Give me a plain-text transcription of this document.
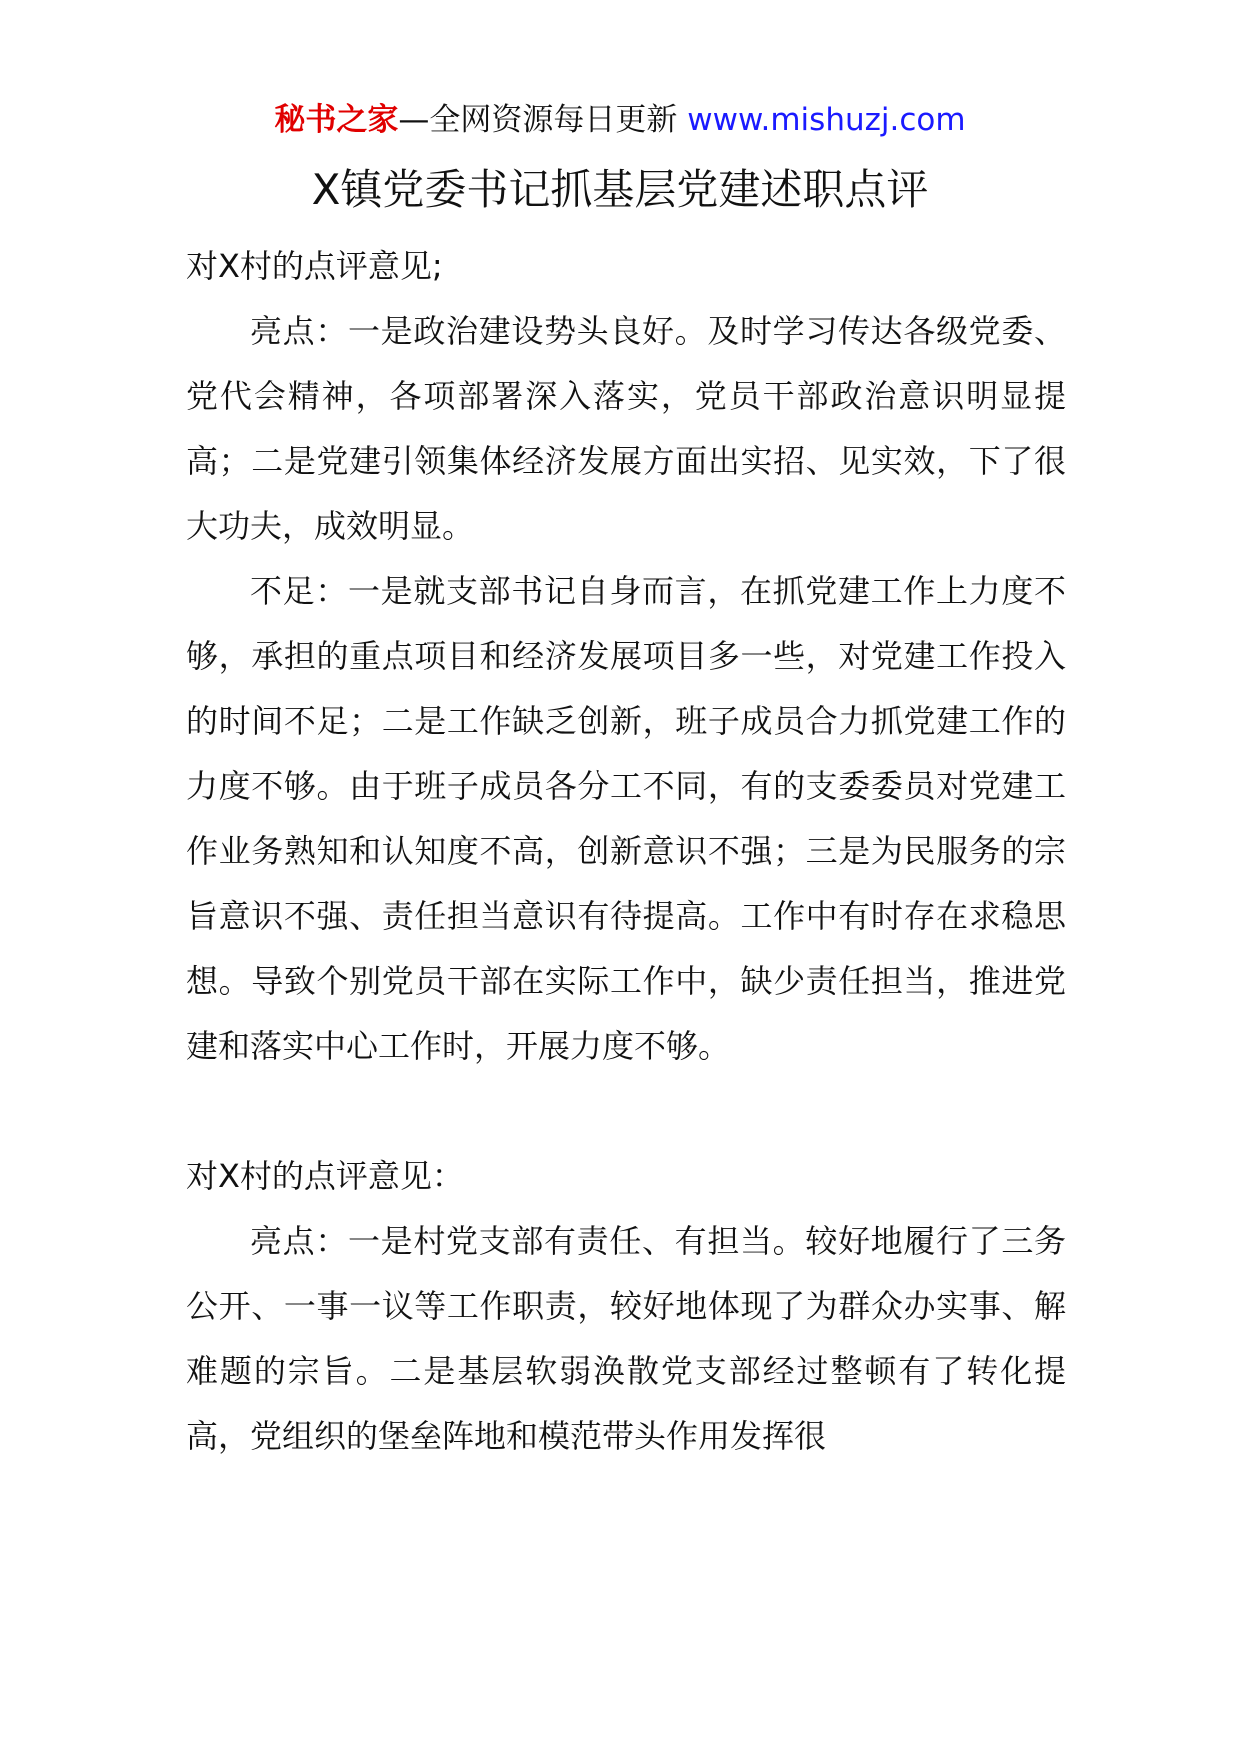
秘书之家—全网资源每日更新 www.mishuzj.com
X镇党委书记抓基层党建述职点评

对X村的点评意见;

亮点：一是政治建设势头良好。及时学习传达各级党委、党代会精神，各项部署深入落实，党员干部政治意识明显提高；二是党建引领集体经济发展方面出实招、见实效，下了很大功夫，成效明显。

不足：一是就支部书记自身而言，在抓党建工作上力度不够，承担的重点项目和经济发展项目多一些，对党建工作投入的时间不足；二是工作缺乏创新，班子成员合力抓党建工作的力度不够。由于班子成员各分工不同，有的支委委员对党建工作业务熟知和认知度不高，创新意识不强；三是为民服务的宗旨意识不强、责任担当意识有待提高。工作中有时存在求稳思想。导致个别党员干部在实际工作中，缺少责任担当，推进党建和落实中心工作时，开展力度不够。

对X村的点评意见：

亮点：一是村党支部有责任、有担当。较好地履行了三务公开、一事一议等工作职责，较好地体现了为群众办实事、解难题的宗旨。二是基层软弱涣散党支部经过整顿有了转化提高，党组织的堡垒阵地和模范带头作用发挥很
